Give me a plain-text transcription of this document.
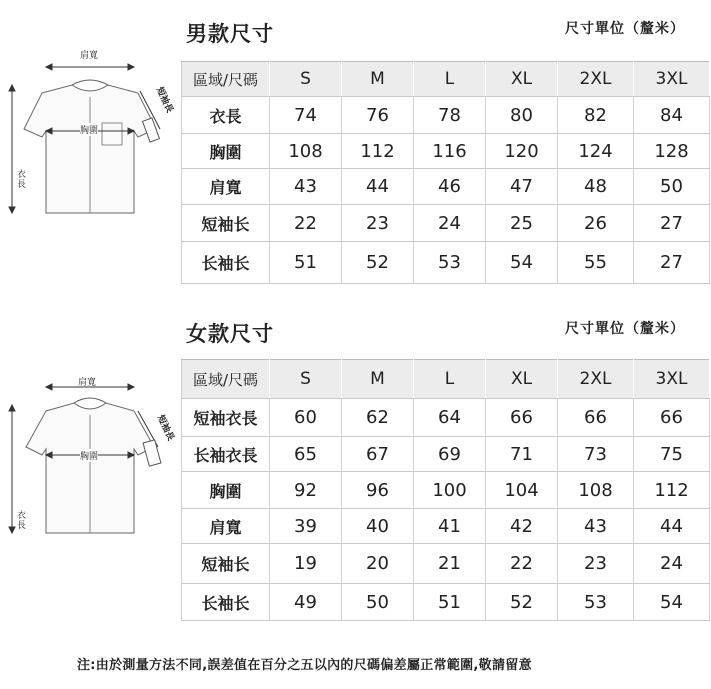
男款尺寸	尺寸單位（釐米）
肩寬
胸圍
短袖長
衣長
區域/尺碼	S	M	L	XL	2XL	3XL
衣長	74	76	78	80	82	84
胸圍	108	112	116	120	124	128
肩寬	43	44	46	47	48	50
短袖长	22	23	24	25	26	27
长袖长	51	52	53	54	55	27
女款尺寸	尺寸單位（釐米）
肩寬
胸圍
短袖長
衣長
區域/尺碼	S	M	L	XL	2XL	3XL
短袖衣長	60	62	64	66	66	66
长袖衣長	65	67	69	71	73	75
胸圍	92	96	100	104	108	112
肩寬	39	40	41	42	43	44
短袖长	19	20	21	22	23	24
长袖长	49	50	51	52	53	54
注:由於測量方法不同,誤差值在百分之五以內的尺碼偏差屬正常範圍,敬請留意
